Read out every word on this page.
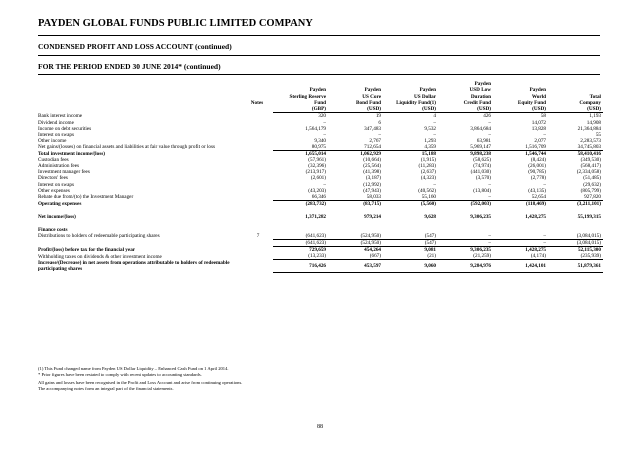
PAYDEN GLOBAL FUNDS PUBLIC LIMITED COMPANY
CONDENSED PROFIT AND LOSS ACCOUNT (continued)
FOR THE PERIOD ENDED 30 JUNE 2014* (continued)
					Payden		
		Payden	Payden	Payden	USD Low	Payden	
		Sterling Reserve	US Core	US Dollar	Duration	World	Total
	Notes	Fund	Bond Fund	Liquidity Fund(1)	Credit Fund	Equity Fund	Company
		(GBP)	(USD)	(USD)	(USD)	(USD)	(USD)
Bank interest income		320	19	4	426	58	1,193
Dividend income		–	6	–	–	14,072	14,908
Income on debt securities		1,564,179	347,483	9,532	3,864,684	13,828	21,364,884
Interest on swaps		–	–	–	–	–	55
Other income		9,340	2,767	1,293	63,981	2,077	2,283,573
Net gains/(losses) on financial assets and liabilities at fair value through profit or loss		80,975	712,654	4,359	5,969,147	1,516,709	34,745,803
Total investment income/(loss)		1,655,014	1,062,929	15,188	9,898,238	1,546,744	58,410,416
Custodian fees		(57,961)	(10,664)	(1,915)	(58,625)	(8,424)	(349,530)
Administration fees		(32,396)	(25,564)	(11,283)	(74,974)	(26,001)	(568,417)
Investment manager fees		(213,917)	(41,398)	(2,637)	(441,030)	(90,785)	(2,334,058)
Directors' fees		(2,601)	(3,187)	(4,323)	(3,570)	(2,778)	(51,485)
Interest on swaps		–	(12,992)	–	–	–	(29,632)
Other expenses		(43,203)	(47,943)	(40,562)	(13,804)	(43,135)	(805,799)
Rebate due from/(to) the Investment Manager		66,346	58,033	55,160	–	52,654	927,820
Operating expenses		(283,732)	(83,715)	(5,560)	(592,003)	(118,469)	(3,211,101)

Net income/(loss)		1,371,282	979,214	9,628	9,306,235	1,428,275	55,199,315

Finance costs							
Distributions to holders of redeemable participating shares	7	(641,623)	(524,950)	(547)	–	–	(3,084,015)
		(641,623)	(524,950)	(547)	–	–	(3,084,015)
Profit/(loss) before tax for the financial year		729,659	454,264	9,081	9,306,235	1,428,275	52,115,300
Withholding taxes on dividends & other investment income		(13,233)	(667)	(21)	(21,259)	(4,174)	(235,939)
Increase/(Decrease) in net assets from operations attributable to holders of redeemable participating shares		716,426	453,597	9,060	9,284,976	1,424,101	51,879,361
(1) This Fund changed name from Payden US Dollar Liquidity – Enhanced Cash Fund on 1 April 2014.
* Prior figures have been restated to comply with recent updates to accounting standards.
All gains and losses have been recognised in the Profit and Loss Account and arise from continuing operations.
The accompanying notes form an integral part of the financial statements.
88
